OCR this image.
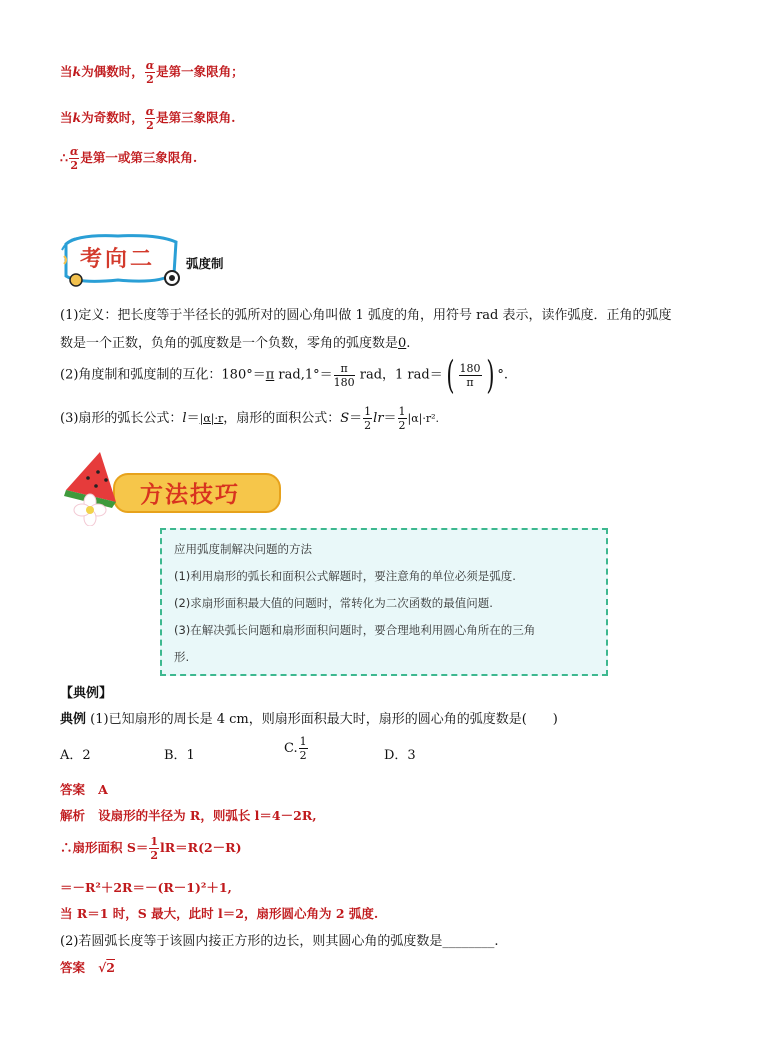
当k为偶数时， $\frac{\alpha}{2}$ 是第一象限角；
当k为奇数时， $\frac{\alpha}{2}$ 是第三象限角.
∴ $\frac{\alpha}{2}$ 是第一或第三象限角.
考向二 弧度制
(1)定义：把长度等于半径长的弧所对的圆心角叫做 1 弧度的角，用符号 rad 表示，读作弧度．正角的弧度
数是一个正数，负角的弧度数是一个负数，零角的弧度数是0.
(2)角度制和弧度制的互化：180°＝π $rad,1^\circ= \frac{\pi}{180}$ rad，1 $rad=( \frac{180}{\pi}$ ) °.
(3)扇形的弧长公式：l＝|α|·r，扇形的面积公式：$S= \frac{1}{2} lr= \frac{1}{2} |\alpha|\cdot r^2$.
方法技巧
应用弧度制解决问题的方法
(1)利用扇形的弧长和面积公式解题时，要注意角的单位必须是弧度.
(2)求扇形面积最大值的问题时，常转化为二次函数的最值问题.
(3)在解决弧长问题和扇形面积问题时，要合理地利用圆心角所在的三角
形.
【典例】
典例 (1)已知扇形的周长是 4 cm，则扇形面积最大时，扇形的圆心角的弧度数是(　　)
A．2	B．1	C. $\frac{1}{2}$	D．3
答案 A
解析 设扇形的半径为 R，则弧长 l＝4－2R,
∴扇形面积 $S= \frac{1}{2} lR=R(2-R)$
＝－R²＋2R＝－(R－1)²＋1,
当 R＝1 时，S 最大，此时 l＝2，扇形圆心角为 2 弧度.
(2)若圆弧长度等于该圆内接正方形的边长，则其圆心角的弧度数是________.
答案 √2
